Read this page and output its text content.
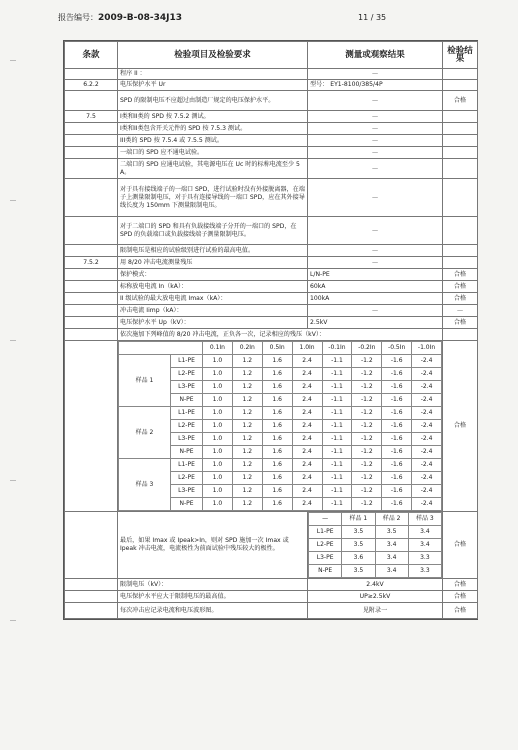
报告编号：2009-B-08-34J13	11 / 35
条款	检验项目及检验要求	测量或观察结果	检验结果
	程序 II ：	—	
6.2.2	电压保护水平 Ur	型号： EY1-8100/385/4P	
	SPD 的限制电压不应超过由制造厂规定的电压保护水平。	—	合格
7.5	I类和II类的 SPD 按 7.5.2 测试。	—	
	I类和II类包含开关元件的 SPD 按 7.5.3 测试。	—	
	III类的 SPD 按 7.5.4 或 7.5.5 测试。	—	
	一端口的 SPD 应不通电试验。	—	
	二端口的 SPD 应通电试验，其电源电压在 Uc 时的标称电流至少 5 A。	—	
	对于具有接线端子的一端口 SPD，进行试验时没有外接脱离器，在端子上测量限制电压，对于具有连接导线的一端口 SPD，应在其外接导线长度为 150mm 下测量限制电压。	—	
	对于二端口的 SPD 和具有负载接线端子分开的一端口的 SPD，在 SPD 的负载端口或负载接线端子测量限制电压。	—	
	限制电压是相应的试验级别进行试验的最高电值。	—	
7.5.2	用 8/20 冲击电流测量残压	—	
	保护模式：	L/N-PE	合格
	标称放电电流 In（kA）：	60kA	合格
	II 级试验的最大放电电流 Imax（kA）：	100kA	合格
	冲击电流 Iimp（kA）：	—	—
	电压保护水平 Up（kV）：	2.5kV	合格
	依次施加下列峰值的 8/20 冲击电流，正负各一次，记录相应的残压（kV）：	

	0.1In	0.2In	0.5In	1.0In	-0.1In	-0.2In	-0.5In	-1.0In
样品 1	L1-PE	1.0	1.2	1.6	2.4	-1.1	-1.2	-1.6	-2.4
L2-PE	1.0	1.2	1.6	2.4	-1.1	-1.2	-1.6	-2.4
L3-PE	1.0	1.2	1.6	2.4	-1.1	-1.2	-1.6	-2.4
N-PE	1.0	1.2	1.6	2.4	-1.1	-1.2	-1.6	-2.4
样品 2	L1-PE	1.0	1.2	1.6	2.4	-1.1	-1.2	-1.6	-2.4
L2-PE	1.0	1.2	1.6	2.4	-1.1	-1.2	-1.6	-2.4
L3-PE	1.0	1.2	1.6	2.4	-1.1	-1.2	-1.6	-2.4
N-PE	1.0	1.2	1.6	2.4	-1.1	-1.2	-1.6	-2.4
样品 3	L1-PE	1.0	1.2	1.6	2.4	-1.1	-1.2	-1.6	-2.4
L2-PE	1.0	1.2	1.6	2.4	-1.1	-1.2	-1.6	-2.4
L3-PE	1.0	1.2	1.6	2.4	-1.1	-1.2	-1.6	-2.4
N-PE	1.0	1.2	1.6	2.4	-1.1	-1.2	-1.6	-2.4
	合格
	最后，如果 Imax 或 Ipeak>In，则对 SPD 施加一次 Imax 或 Ipeak 冲击电流，电流极性为前面试验中残压较大的极性。	
—	样品 1	样品 2	样品 3
L1-PE	3.5	3.5	3.4
L2-PE	3.5	3.4	3.4
L3-PE	3.6	3.4	3.3
N-PE	3.5	3.4	3.3
	合格
	限制电压（kV）：	2.4kV	合格
	电压保护水平应大于限制电压的最高值。	UP≥2.5kV	合格
	每次冲击应记录电流和电压波形图。	见附录一	合格
